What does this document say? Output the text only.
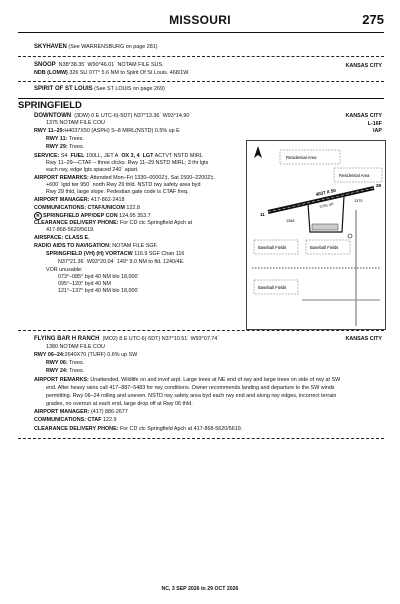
MISSOURI	275
SKYHAVEN (See WARRENSBURG on page 281)
SNOOP N38°38.35´ W90°46.01´ NOTAM FILE SUS.	KANSAS CITY
NDB (LOMW) 326 SU 077° 5.6 NM to Spirit Of St Louis. 468/1W.
SPIRIT OF ST LOUIS (See ST LOUIS on page 269)
SPRINGFIELD
DOWNTOWN (3DW) 0 E UTC-6(-5DT) N37°13.36´ W93°14.90´	KANSAS CITY
L-16F
IAP
1375 NOTAM FILE COU
RWY 11–29:H4037X50 (ASPH) S–8 MIRL(NSTD) 0.5% up E
RWY 11: Trees.
RWY 29: Trees.
SERVICE: S4 FUEL 100LL, JET A OX 3, 4 LGT ACTVT NSTD MIRL
Rwy 11–29—CTAF – three clicks. Rwy 11–29 NSTD MIRL; 3 thr lgts
each rwy, edge lgts spaced 240´ apart.
AIRPORT REMARKS: Attended Mon–Fri 1330–0000Z‡, Sat 1500–2200Z‡.
+600´ lgtd twr 950´ north Rwy 29 thld. NSTD rwy safety area byd
Rwy 29 thld, large slope. Pedestian gate code is CTAF freq.
AIRPORT MANAGER: 417-862-2418
COMMUNICATIONS: CTAF/UNICOM 122.8
R SPRINGFIELD APP/DEP CON 124.95 353.7
CLEARANCE DELIVERY PHONE: For CD ctc Springfield Apch at
417-868-5620/5619.
AIRSPACE: CLASS E.
RADIO AIDS TO NAVIGATION: NOTAM FILE SGF.
SPRINGFIELD (VH) (H) VORTACW 116.9 SGF Chan 116
N37°21.36´ W93°20.04´ 149° 9.0 NM to fld. 1240/4E.
VOR unusable:
073°–085° byd 40 NM blo 18,000´
095°–120° byd 40 NM
121°–137° byd 40 NM blo 18,000´
Residential Area
Residential Area
4037 X 50
11
29
1366
1375
0.5% UP
Baseball Fields	Baseball Fields
Baseball Fields
FLYING BAR H RANCH (MO2) 8 E UTC-6(-5DT) N37°10.51´ W93°07.74´	KANSAS CITY
1380 NOTAM FILE COU
RWY 06–24:2640X70 (TURF) 0.6% up SW
RWY 06: Trees.
RWY 24: Trees.
AIRPORT REMARKS: Unattended. Wildlife on and invof arpt. Large trees at NE end of rwy and large trees on side of rwy at SW
end. After heavy rains call 417–887–5483 for rwy conditions. Owner recommends landing and departure to the SW winds
permitting. Rwy 06–24 rolling and uneven. NSTD rwy safety area byd each rwy end and along rwy edges, incorrect terrain
grades, no overrun at each end, large drop off at Rwy 06 thld.
AIRPORT MANAGER: (417) 886-2677
COMMUNICATIONS: CTAF 122.9
CLEARANCE DELIVERY PHONE: For CD ctc Springfield Apch at 417-868-5620/5619.
NC, 3 SEP 2026 to 29 OCT 2026
